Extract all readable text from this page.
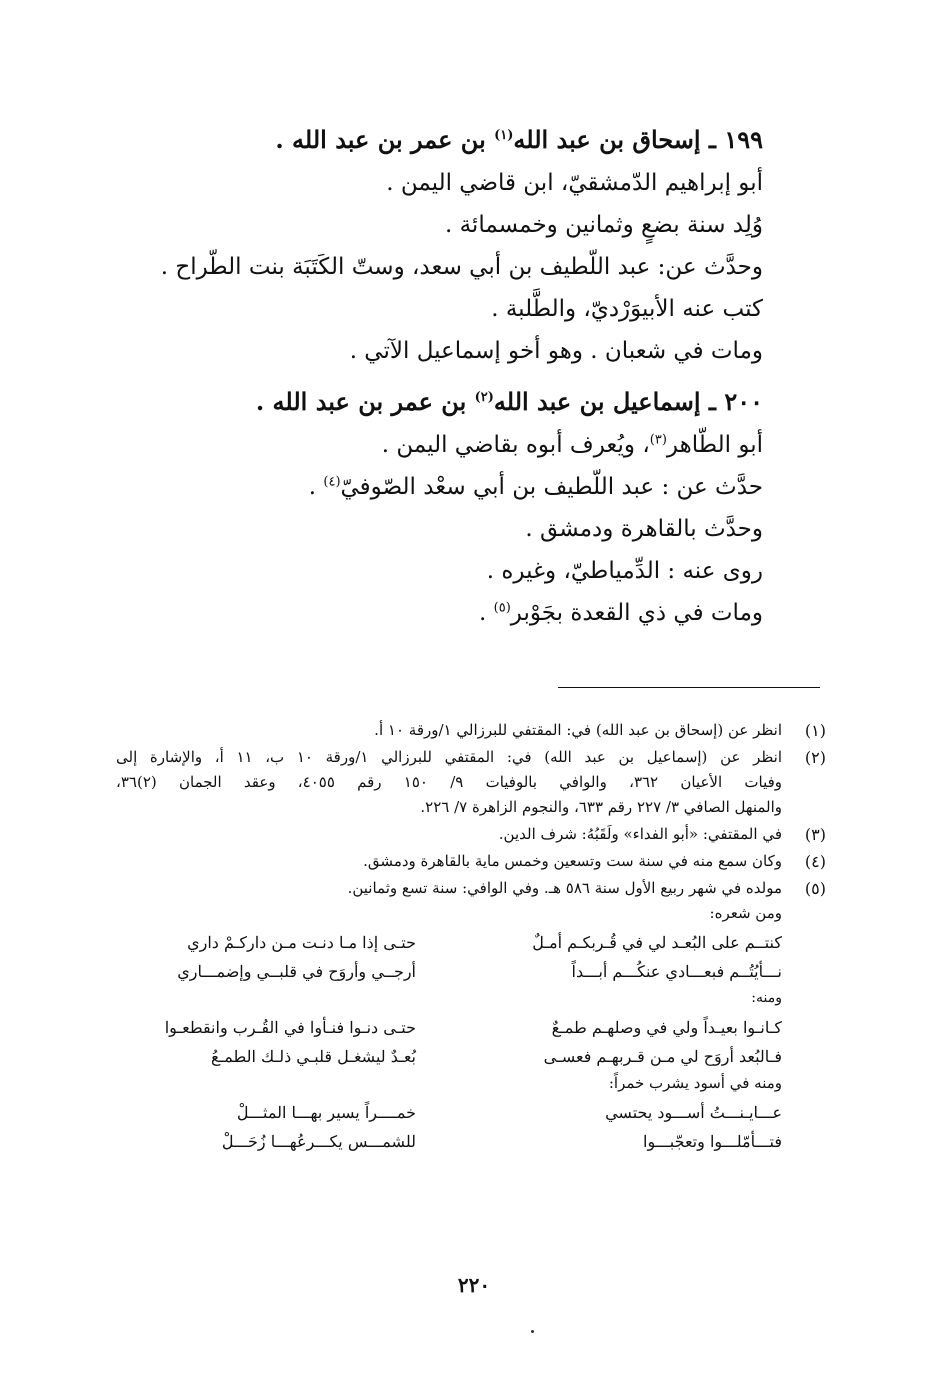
١٩٩ ـ إسحاق بن عبد الله$^{(١)}$ بن عمر بن عبد الله .

أبو إبراهيم الدّمشقيّ، ابن قاضي اليمن .

وُلِد سنة بضعٍ وثمانين وخمسمائة .

وحدَّث عن: عبد اللّطيف بن أبي سعد، وستّ الكَتَبَة بنت الطّراح .

كتب عنه الأبيوَرْديّ، والطَّلبة .

ومات في شعبان . وهو أخو إسماعيل الآتي .

٢٠٠ ـ إسماعيل بن عبد الله$^{(٢)}$ بن عمر بن عبد الله .

أبو الطّاهر$^{(٣)}$، ويُعرف أبوه بقاضي اليمن .

حدَّث عن : عبد اللّطيف بن أبي سعْد الصّوفيّ$^{(٤)}$ .

وحدَّث بالقاهرة ودمشق .

روى عنه : الدِّمياطيّ، وغيره .

ومات في ذي القعدة بجَوْبر$^{(٥)}$ .

(١)

انظر عن (إسحاق بن عبد الله) في: المقتفي للبرزالي ١/ورقة ١٠ أ.

(٢)

انظر عن (إسماعيل بن عبد الله) في: المقتفي للبرزالي ١/ورقة ١٠ ب، ١١ أ، والإشارة إلى

وفيات الأعيان ٣٦٢، والوافي بالوفيات ٩/ ١٥٠ رقم ٤٠٥٥، وعقد الجمان (٢)٣٦،

والمنهل الصافي ٣/ ٢٢٧ رقم ٦٣٣، والنجوم الزاهرة ٧/ ٢٢٦.

(٣)

في المقتفي: «أبو الفداء» ولَقَبُهُ: شرف الدين.

(٤)

وكان سمع منه في سنة ست وتسعين وخمس ماية بالقاهرة ودمشق.

(٥)

مولده في شهر ربيع الأول سنة ٥٨٦ هـ. وفي الوافي: سنة تسع وثمانين.

ومن شعره:

كنتــم على البُعـد لي في قُـربكـم أمـلٌ
حتـى إذا مـا دنـت مـن داركـمْ داري
نـــأيُتُــم فبعـــادي عنكُـــم أبـــداً
أرجــي وأروَح في قلبــي وإضمـــاري

ومنه:

كـانـوا بعيـداً ولي في وصلهـم طمـعٌ
حتـى دنـوا فنـأوا في القُـرب وانقطعـوا
فـالبُعد أروَح لي مـن قـربهـم فعسـى
بُعـدٌ ليشغـل قلبـي ذلـك الطمـعُ

ومنه في أسود يشرب خمراً:

عـــايـنـــتُ أســـود يحتسي
خمــــراً يسير بهـــا المثـــلْ
فتـــأمّلـــوا وتعجّبـــوا
للشمـــس يكـــرعُهـــا زُحَـــلْ
٢٢٠
